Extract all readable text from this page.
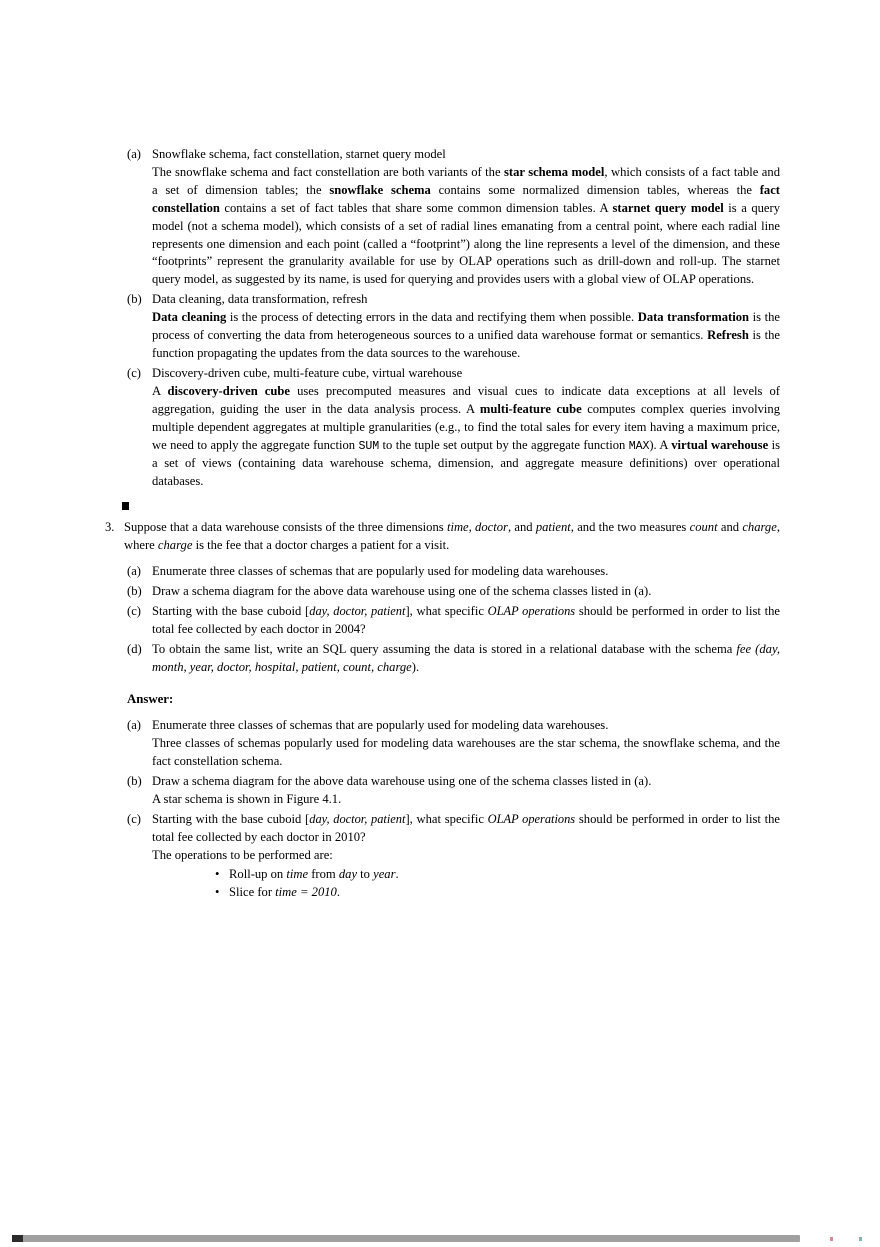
(a) Snowflake schema, fact constellation, starnet query model

The snowflake schema and fact constellation are both variants of the star schema model, which consists of a fact table and a set of dimension tables; the snowflake schema contains some normalized dimension tables, whereas the fact constellation contains a set of fact tables that share some common dimension tables. A starnet query model is a query model (not a schema model), which consists of a set of radial lines emanating from a central point, where each radial line represents one dimension and each point (called a “footprint”) along the line represents a level of the dimension, and these “footprints” represent the granularity available for use by OLAP operations such as drill-down and roll-up. The starnet query model, as suggested by its name, is used for querying and provides users with a global view of OLAP operations.

(b) Data cleaning, data transformation, refresh

Data cleaning is the process of detecting errors in the data and rectifying them when possible. Data transformation is the process of converting the data from heterogeneous sources to a unified data warehouse format or semantics. Refresh is the function propagating the updates from the data sources to the warehouse.

(c) Discovery-driven cube, multi-feature cube, virtual warehouse

A discovery-driven cube uses precomputed measures and visual cues to indicate data exceptions at all levels of aggregation, guiding the user in the data analysis process. A multi-feature cube computes complex queries involving multiple dependent aggregates at multiple granularities (e.g., to find the total sales for every item having a maximum price, we need to apply the aggregate function SUM to the tuple set output by the aggregate function MAX). A virtual warehouse is a set of views (containing data warehouse schema, dimension, and aggregate measure definitions) over operational databases.

3. Suppose that a data warehouse consists of the three dimensions time, doctor, and patient, and the two measures count and charge, where charge is the fee that a doctor charges a patient for a visit.

(a) Enumerate three classes of schemas that are popularly used for modeling data warehouses.

(b) Draw a schema diagram for the above data warehouse using one of the schema classes listed in (a).

(c) Starting with the base cuboid [day, doctor, patient], what specific OLAP operations should be performed in order to list the total fee collected by each doctor in 2004?

(d) To obtain the same list, write an SQL query assuming the data is stored in a relational database with the schema fee (day, month, year, doctor, hospital, patient, count, charge).

Answer:

(a) Enumerate three classes of schemas that are popularly used for modeling data warehouses.

Three classes of schemas popularly used for modeling data warehouses are the star schema, the snowflake schema, and the fact constellation schema.

(b) Draw a schema diagram for the above data warehouse using one of the schema classes listed in (a).

A star schema is shown in Figure 4.1.

(c) Starting with the base cuboid [day, doctor, patient], what specific OLAP operations should be performed in order to list the total fee collected by each doctor in 2010?

The operations to be performed are:

• Roll-up on time from day to year.
• Slice for time = 2010.
